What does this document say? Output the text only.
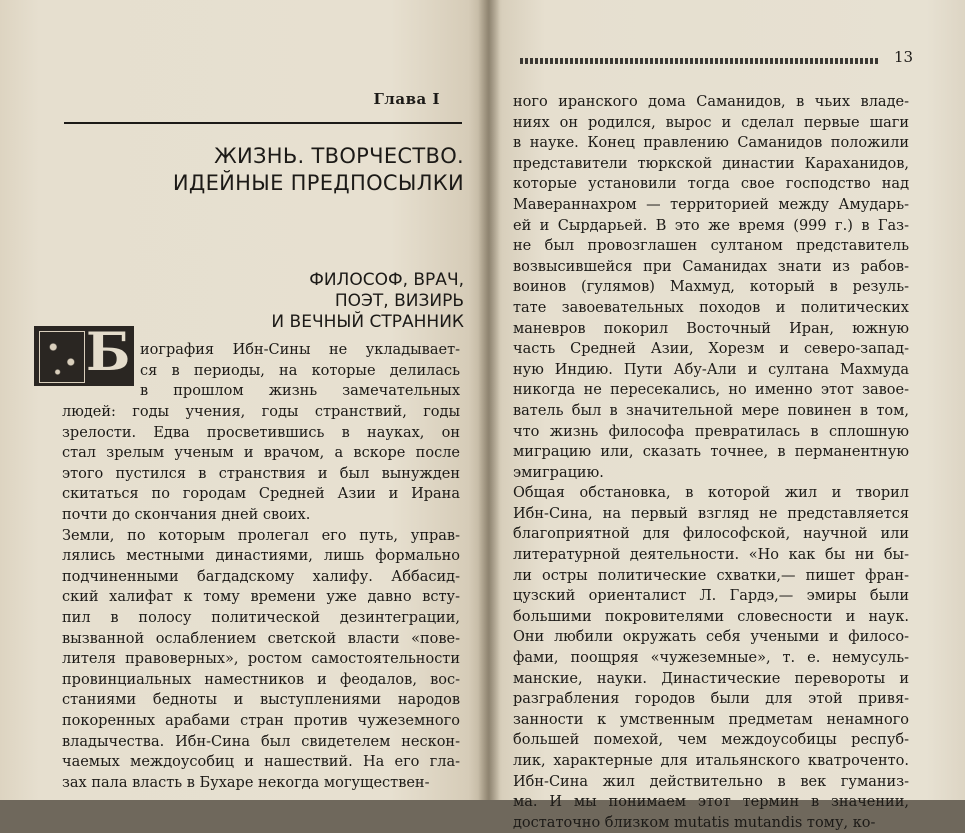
Глава I
ЖИЗНЬ. ТВОРЧЕСТВО.
ИДЕЙНЫЕ ПРЕДПОСЫЛКИ
ФИЛОСОФ, ВРАЧ,
ПОЭТ, ВИЗИРЬ
И ВЕЧНЫЙ СТРАННИК
Б иография Ибн-Сины не укладывает-
ся в периоды, на которые делилась
в прошлом жизнь замечательных
людей: годы учения, годы странствий, годы
зрелости. Едва просветившись в науках, он
стал зрелым ученым и врачом, а вскоре после
этого пустился в странствия и был вынужден
скитаться по городам Средней Азии и Ирана
почти до скончания дней своих.
Земли, по которым пролегал его путь, управ-
лялись местными династиями, лишь формально
подчиненными багдадскому халифу. Аббасид-
ский халифат к тому времени уже давно всту-
пил в полосу политической дезинтеграции,
вызванной ослаблением светской власти «пове-
лителя правоверных», ростом самостоятельности
провинциальных наместников и феодалов, вос-
станиями бедноты и выступлениями народов
покоренных арабами стран против чужеземного
владычества. Ибн-Сина был свидетелем нескон-
чаемых междоусобиц и нашествий. На его гла-
зах пала власть в Бухаре некогда могуществен-
13
ного иранского дома Саманидов, в чьих владе-
ниях он родился, вырос и сделал первые шаги
в науке. Конец правлению Саманидов положили
представители тюркской династии Караханидов,
которые установили тогда свое господство над
Мавераннахром — территорией между Амударь-
ей и Сырдарьей. В это же время (999 г.) в Газ-
не был провозглашен султаном представитель
возвысившейся при Саманидах знати из рабов-
воинов (гулямов) Махмуд, который в резуль-
тате завоевательных походов и политических
маневров покорил Восточный Иран, южную
часть Средней Азии, Хорезм и северо-запад-
ную Индию. Пути Абу-Али и султана Махмуда
никогда не пересекались, но именно этот завое-
ватель был в значительной мере повинен в том,
что жизнь философа превратилась в сплошную
миграцию или, сказать точнее, в перманентную
эмиграцию.
Общая обстановка, в которой жил и творил
Ибн-Сина, на первый взгляд не представляется
благоприятной для философской, научной или
литературной деятельности. «Но как бы ни бы-
ли остры политические схватки,— пишет фран-
цузский ориенталист Л. Гардэ,— эмиры были
большими покровителями словесности и наук.
Они любили окружать себя учеными и филосо-
фами, поощряя «чужеземные», т. е. немусуль-
манские, науки. Династические перевороты и
разграбления городов были для этой привя-
занности к умственным предметам ненамного
большей помехой, чем междоусобицы респуб-
лик, характерные для итальянского кватроченто.
Ибн-Сина жил действительно в век гуманиз-
ма. И мы понимаем этот термин в значении,
достаточно близком mutatis mutandis тому, ко-
